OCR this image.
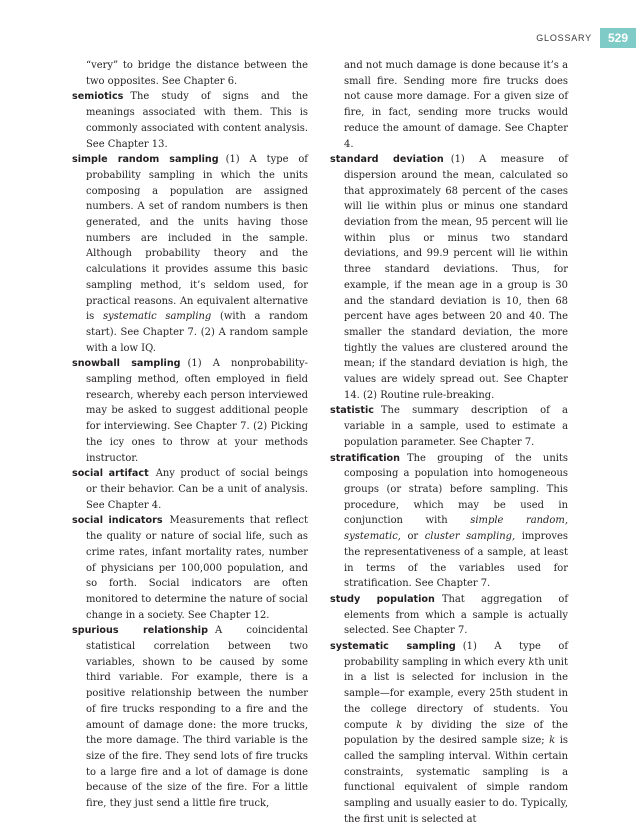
GLOSSARY	529

“very” to bridge the distance between the two opposites. See Chapter 6.

semiotics The study of signs and the meanings associated with them. This is commonly associated with content analysis. See Chapter 13.

simple random sampling (1) A type of probability sampling in which the units composing a population are assigned numbers. A set of random numbers is then generated, and the units having those numbers are included in the sample. Although probability theory and the calculations it provides assume this basic sampling method, it’s seldom used, for practical reasons. An equivalent alternative is systematic sampling (with a random start). See Chapter 7. (2) A random sample with a low IQ.

snowball sampling (1) A nonprobability-sampling method, often employed in field research, whereby each person interviewed may be asked to suggest additional people for interviewing. See Chapter 7. (2) Picking the icy ones to throw at your methods instructor.

social artifact Any product of social beings or their behavior. Can be a unit of analysis. See Chapter 4.

social indicators Measurements that reflect the quality or nature of social life, such as crime rates, infant mortality rates, number of physicians per 100,000 population, and so forth. Social indicators are often monitored to determine the nature of social change in a society. See Chapter 12.

spurious relationship A coincidental statistical correlation between two variables, shown to be caused by some third variable. For example, there is a positive relationship between the number of fire trucks responding to a fire and the amount of damage done: the more trucks, the more damage. The third variable is the size of the fire. They send lots of fire trucks to a large fire and a lot of damage is done because of the size of the fire. For a little fire, they just send a little fire truck,

and not much damage is done because it’s a small fire. Sending more fire trucks does not cause more damage. For a given size of fire, in fact, sending more trucks would reduce the amount of damage. See Chapter 4.

standard deviation (1) A measure of dispersion around the mean, calculated so that approximately 68 percent of the cases will lie within plus or minus one standard deviation from the mean, 95 percent will lie within plus or minus two standard deviations, and 99.9 percent will lie within three standard deviations. Thus, for example, if the mean age in a group is 30 and the standard deviation is 10, then 68 percent have ages between 20 and 40. The smaller the standard deviation, the more tightly the values are clustered around the mean; if the standard deviation is high, the values are widely spread out. See Chapter 14. (2) Routine rule-breaking.

statistic The summary description of a variable in a sample, used to estimate a population parameter. See Chapter 7.

stratification The grouping of the units composing a population into homogeneous groups (or strata) before sampling. This procedure, which may be used in conjunction with simple random, systematic, or cluster sampling, improves the representativeness of a sample, at least in terms of the variables used for stratification. See Chapter 7.

study population That aggregation of elements from which a sample is actually selected. See Chapter 7.

systematic sampling (1) A type of probability sampling in which every kth unit in a list is selected for inclusion in the sample—for example, every 25th student in the college directory of students. You compute k by dividing the size of the population by the desired sample size; k is called the sampling interval. Within certain constraints, systematic sampling is a functional equivalent of simple random sampling and usually easier to do. Typically, the first unit is selected at
